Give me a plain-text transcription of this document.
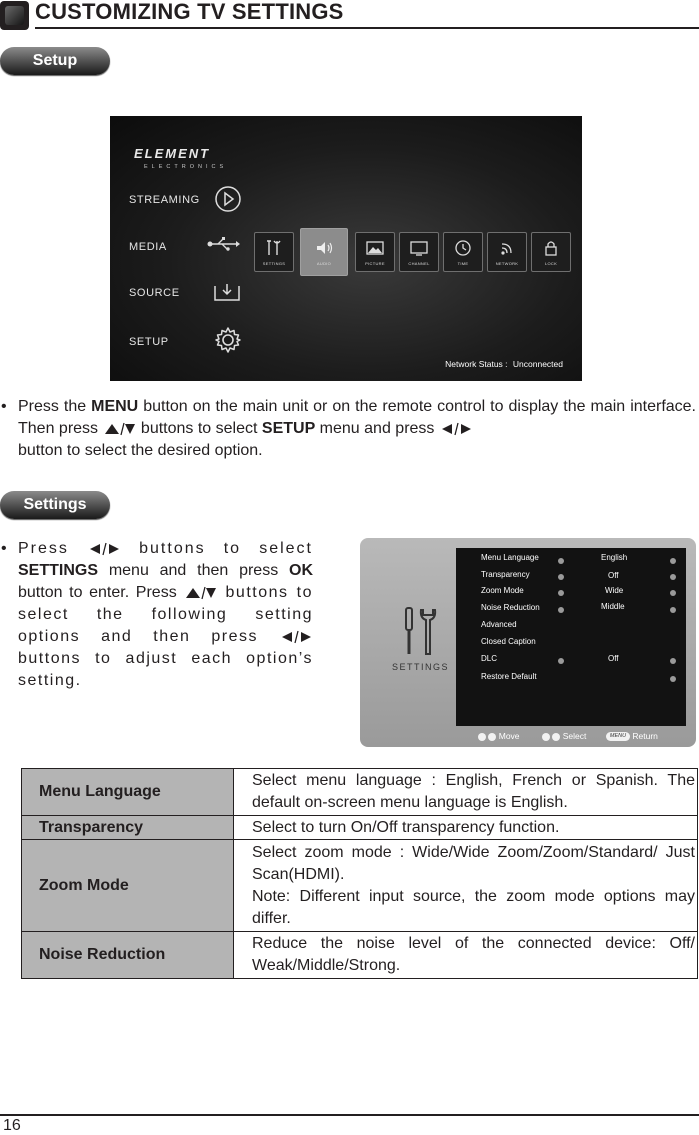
CUSTOMIZING TV SETTINGS
Setup
ELEMENT
ELECTRONICS
STREAMING
MEDIA
SOURCE
SETUP
SETTINGS	AUDIO	PICTURE	CHANNEL	TIME	NETWORK	LOCK
Network Status : Unconnected
• Press the MENU button on the main unit or on the remote control to display the main interface. Then press  buttons to select SETUP menu and press
button to select the desired option.
Settings
• Press  buttons to select SETTINGS menu and then press OK button to enter. Press  buttons to select the following setting options and then press  buttons to adjust each option’s setting.
SETTINGS
Menu Language	English
Transparency	Off
Zoom Mode	Wide
Noise Reduction	Middle
Advanced
Closed Caption
DLC	Off
Restore Default
Move	Select	MENU Return
Menu Language	Select menu language : English, French or Spanish. The default on-screen menu language is English.
Transparency	Select to turn On/Off transparency function.
Zoom Mode	Select zoom mode : Wide/Wide Zoom/Zoom/Standard/ Just Scan(HDMI).
Note: Different input source, the zoom mode options may differ.

Noise Reduction	Reduce the noise level of the connected device: Off/ Weak/Middle/Strong.
16
